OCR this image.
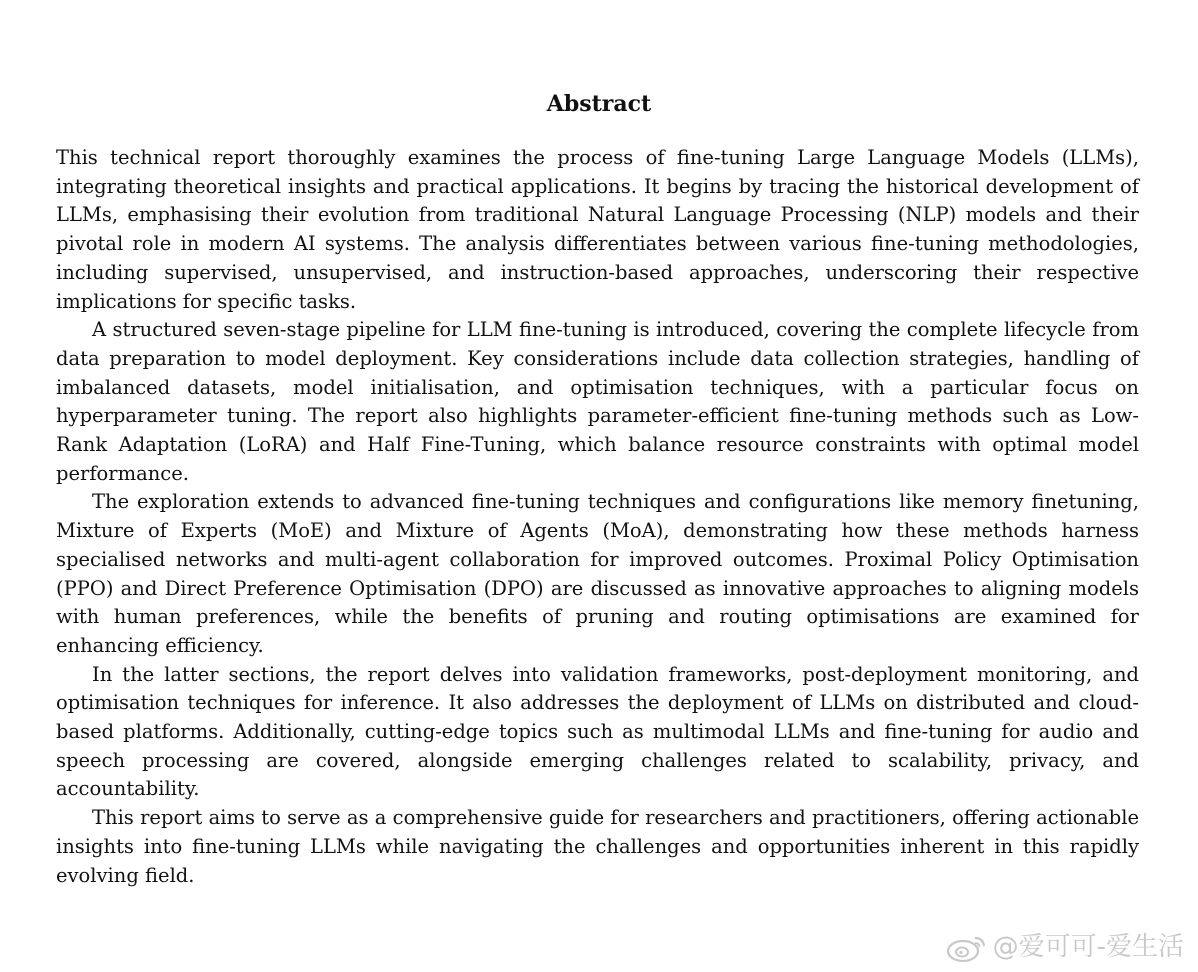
Abstract

This technical report thoroughly examines the process of fine-tuning Large Language Models (LLMs), integrating theoretical insights and practical applications. It begins by tracing the historical development of LLMs, emphasising their evolution from traditional Natural Language Processing (NLP) models and their pivotal role in modern AI systems. The analysis differentiates between various fine-tuning methodologies, including supervised, unsupervised, and instruction-based approaches, underscoring their respective implications for specific tasks.

A structured seven-stage pipeline for LLM fine-tuning is introduced, covering the complete lifecycle from data preparation to model deployment. Key considerations include data collection strategies, handling of imbalanced datasets, model initialisation, and optimisation techniques, with a particular focus on hyperparameter tuning. The report also highlights parameter-efficient fine-tuning methods such as Low-Rank Adaptation (LoRA) and Half Fine-Tuning, which balance resource constraints with optimal model performance.

The exploration extends to advanced fine-tuning techniques and configurations like memory finetuning, Mixture of Experts (MoE) and Mixture of Agents (MoA), demonstrating how these methods harness specialised networks and multi-agent collaboration for improved outcomes. Proximal Policy Optimisation (PPO) and Direct Preference Optimisation (DPO) are discussed as innovative approaches to aligning models with human preferences, while the benefits of pruning and routing optimisations are examined for enhancing efficiency.

In the latter sections, the report delves into validation frameworks, post-deployment monitoring, and optimisation techniques for inference. It also addresses the deployment of LLMs on distributed and cloud-based platforms. Additionally, cutting-edge topics such as multimodal LLMs and fine-tuning for audio and speech processing are covered, alongside emerging challenges related to scalability, privacy, and accountability.

This report aims to serve as a comprehensive guide for researchers and practitioners, offering actionable insights into fine-tuning LLMs while navigating the challenges and opportunities inherent in this rapidly evolving field.

@爱可可-爱生活
